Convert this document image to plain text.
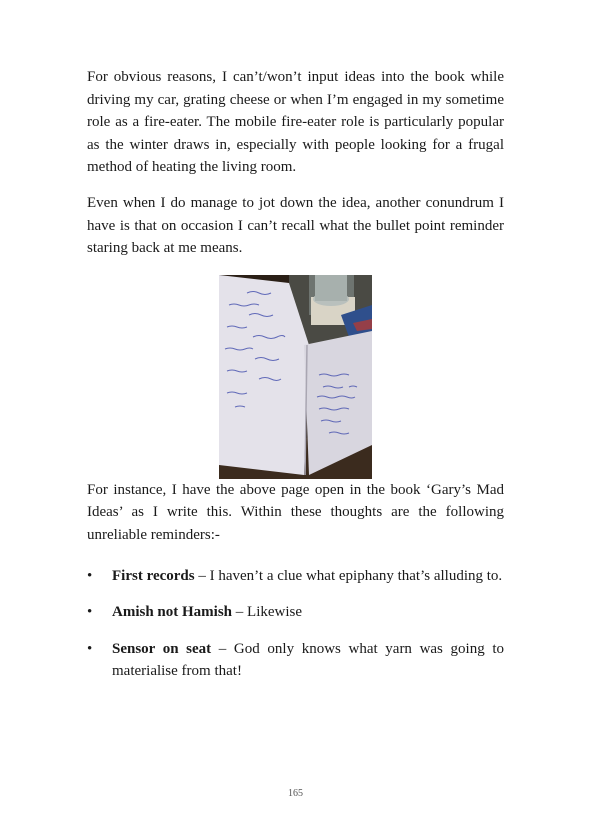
For obvious reasons, I can’t/won’t input ideas into the book while driving my car, grating cheese or when I’m engaged in my sometime role as a fire-eater. The mobile fire-eater role is particularly popular as the winter draws in, especially with people looking for a frugal method of heating the living room.

Even when I do manage to jot down the idea, another conundrum I have is that on occasion I can’t recall what the bullet point reminder staring back at me means.

For instance, I have the above page open in the book ‘Gary’s Mad Ideas’ as I write this. Within these thoughts are the following unreliable reminders:-

• First records – I haven’t a clue what epiphany that’s alluding to.
• Amish not Hamish – Likewise
• Sensor on seat – God only knows what yarn was going to materialise from that!
165
